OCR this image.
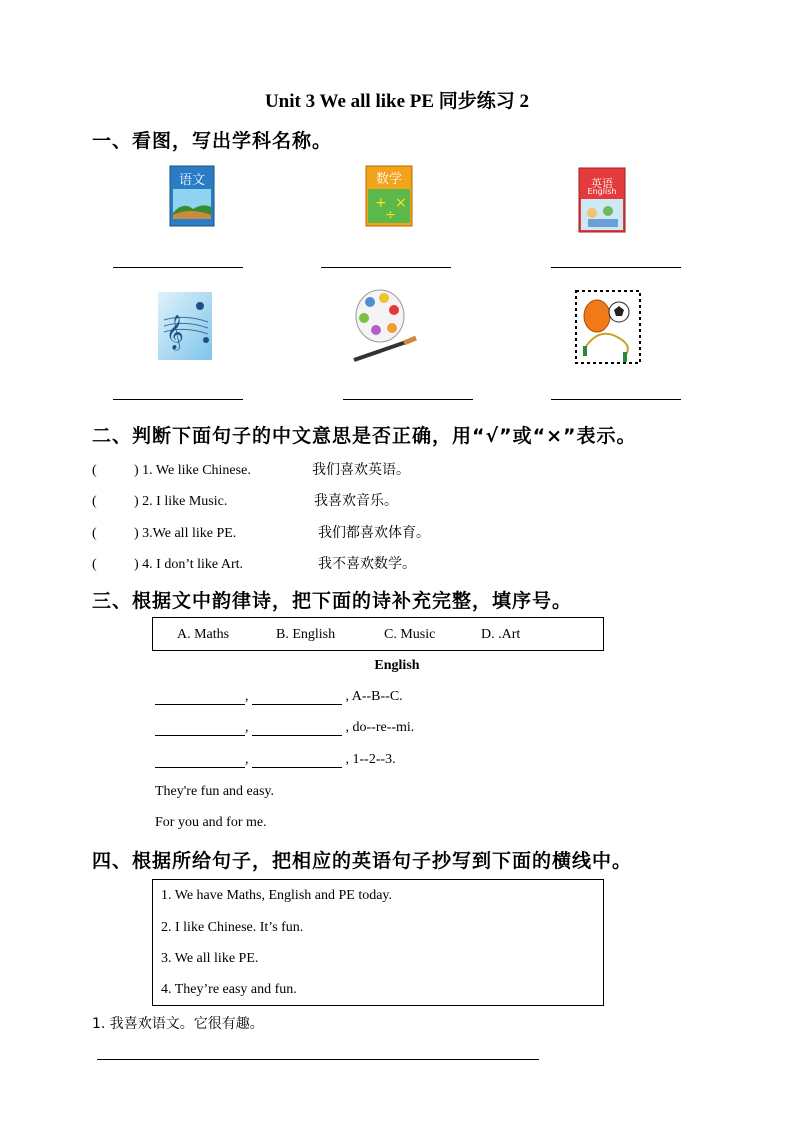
Unit 3 We all like PE 同步练习 2
一、看图，写出学科名称。
语文
+ ×
÷
数学	英语
English
𝄞
二、判断下面句子的中文意思是否正确，用“√”或“×”表示。
(	) 1. We like Chinese.	我们喜欢英语。
(	) 2. I like Music.	我喜欢音乐。
(	) 3.We all like PE.	我们都喜欢体育。
(	) 4. I don’t like Art.	我不喜欢数学。
三、根据文中韵律诗，把下面的诗补充完整，填序号。
A. Maths	B. English	C. Music	D. .Art
English
,	, A--B--C.
,	, do--re--mi.
,	, 1--2--3.
They're fun and easy.
For you and for me.
四、根据所给句子，把相应的英语句子抄写到下面的横线中。
1. We have Maths, English and PE today.
2. I like Chinese. It’s fun.
3. We all like PE.
4. They’re easy and fun.
1. 我喜欢语文。它很有趣。
